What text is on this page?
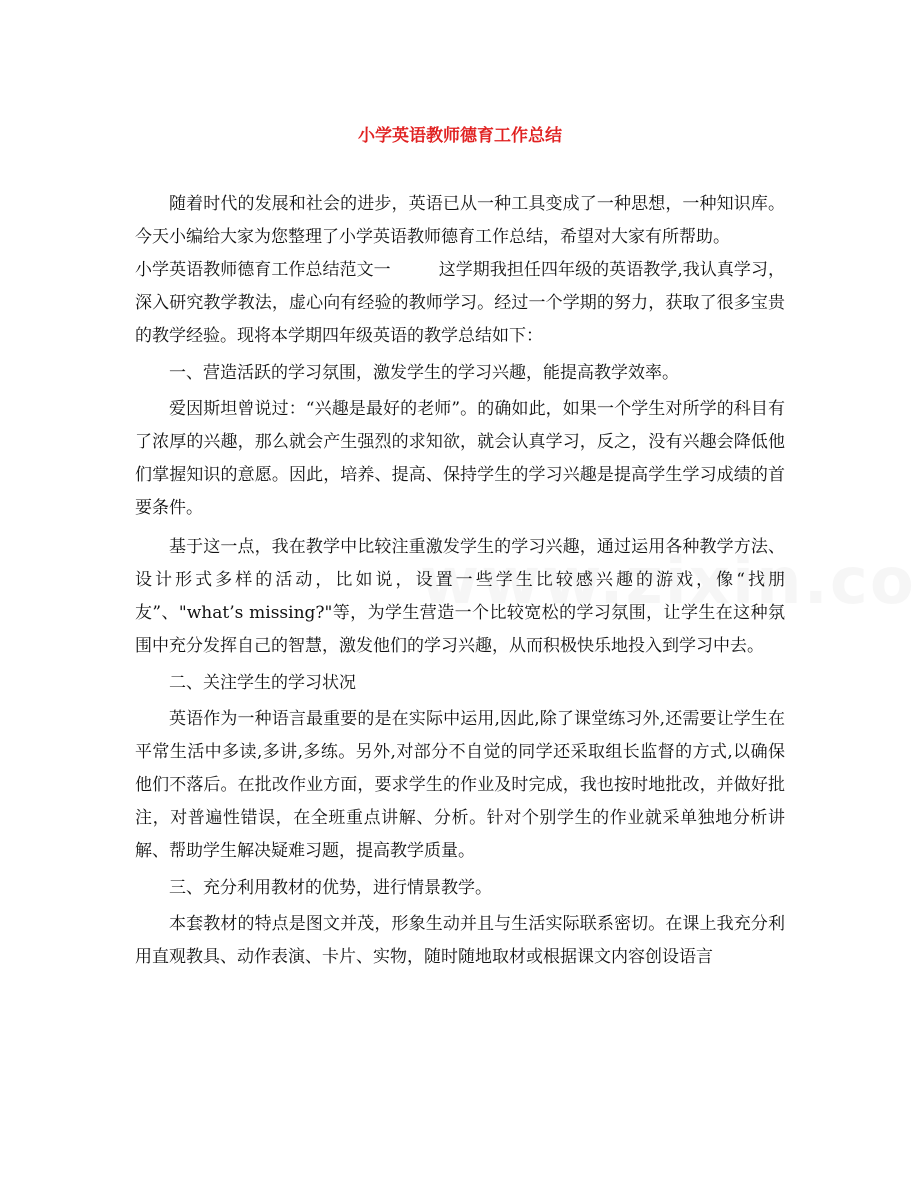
小学英语教师德育工作总结

随着时代的发展和社会的进步，英语已从一种工具变成了一种思想，一种知识库。今天小编给大家为您整理了小学英语教师德育工作总结，希望对大家有所帮助。

小学英语教师德育工作总结范文一	这学期我担任四年级的英语教学,我认真学习，深入研究教学教法，虚心向有经验的教师学习。经过一个学期的努力，获取了很多宝贵的教学经验。现将本学期四年级英语的教学总结如下：

一、营造活跃的学习氛围，激发学生的学习兴趣，能提高教学效率。

爱因斯坦曾说过：“兴趣是最好的老师”。的确如此，如果一个学生对所学的科目有了浓厚的兴趣，那么就会产生强烈的求知欲，就会认真学习，反之，没有兴趣会降低他们掌握知识的意愿。因此，培养、提高、保持学生的学习兴趣是提高学生学习成绩的首要条件。

基于这一点，我在教学中比较注重激发学生的学习兴趣，通过运用各种教学方法、设计形式多样的活动，比如说，设置一些学生比较感兴趣的游戏，像“找朋友”、"what’s missing?"等，为学生营造一个比较宽松的学习氛围，让学生在这种氛围中充分发挥自己的智慧，激发他们的学习兴趣，从而积极快乐地投入到学习中去。

二、关注学生的学习状况

英语作为一种语言最重要的是在实际中运用,因此,除了课堂练习外,还需要让学生在平常生活中多读,多讲,多练。另外,对部分不自觉的同学还采取组长监督的方式,以确保他们不落后。在批改作业方面，要求学生的作业及时完成，我也按时地批改，并做好批注，对普遍性错误，在全班重点讲解、分析。针对个别学生的作业就采单独地分析讲解、帮助学生解决疑难习题，提高教学质量。

三、充分利用教材的优势，进行情景教学。

本套教材的特点是图文并茂，形象生动并且与生活实际联系密切。在课上我充分利用直观教具、动作表演、卡片、实物，随时随地取材或根据课文内容创设语言
